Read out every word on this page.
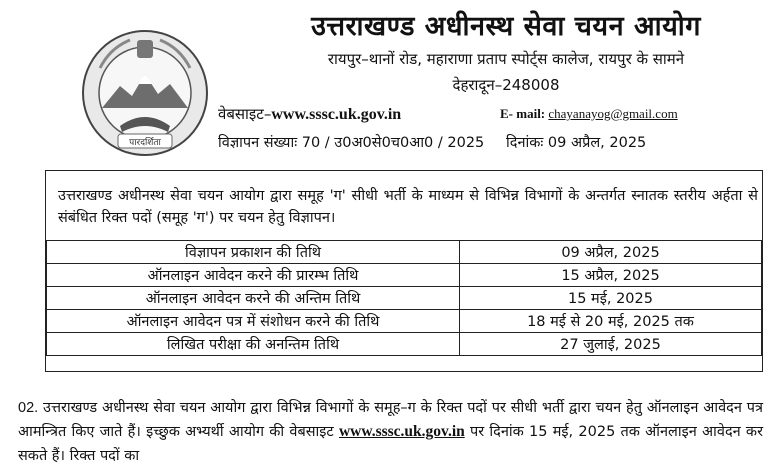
पारदर्शिता
उत्तराखण्ड अधीनस्थ सेवा चयन आयोग
रायपुर–थानों रोड, महाराणा प्रताप स्पोर्ट्स कालेज, रायपुर के सामने
देहरादून–248008
वेबसाइट–www.sssc.uk.gov.in	E- mail: chayanayog@gmail.com
विज्ञापन संख्याः 70 / उ0अ0से0च0आ0 / 2025 दिनांकः 09 अप्रैल, 2025
उत्तराखण्ड अधीनस्थ सेवा चयन आयोग द्वारा समूह 'ग' सीधी भर्ती के माध्यम से विभिन्न विभागों के अन्तर्गत स्नातक स्तरीय अर्हता से संबंधित रिक्त पदों (समूह 'ग') पर चयन हेतु विज्ञापन।
विज्ञापन प्रकाशन की तिथि	09 अप्रैल, 2025
ऑनलाइन आवेदन करने की प्रारम्भ तिथि	15 अप्रैल, 2025
ऑनलाइन आवेदन करने की अन्तिम तिथि	15 मई, 2025
ऑनलाइन आवेदन पत्र में संशोधन करने की तिथि	18 मई से 20 मई, 2025 तक
लिखित परीक्षा की अनन्तिम तिथि	27 जुलाई, 2025
02. उत्तराखण्ड अधीनस्थ सेवा चयन आयोग द्वारा विभिन्न विभागों के समूह–ग के रिक्त पदों पर सीधी भर्ती द्वारा चयन हेतु ऑनलाइन आवेदन पत्र आमन्त्रित किए जाते हैं। इच्छुक अभ्यर्थी आयोग की वेबसाइट www.sssc.uk.gov.in पर दिनांक 15 मई, 2025 तक ऑनलाइन आवेदन कर सकते हैं। रिक्त पदों का
